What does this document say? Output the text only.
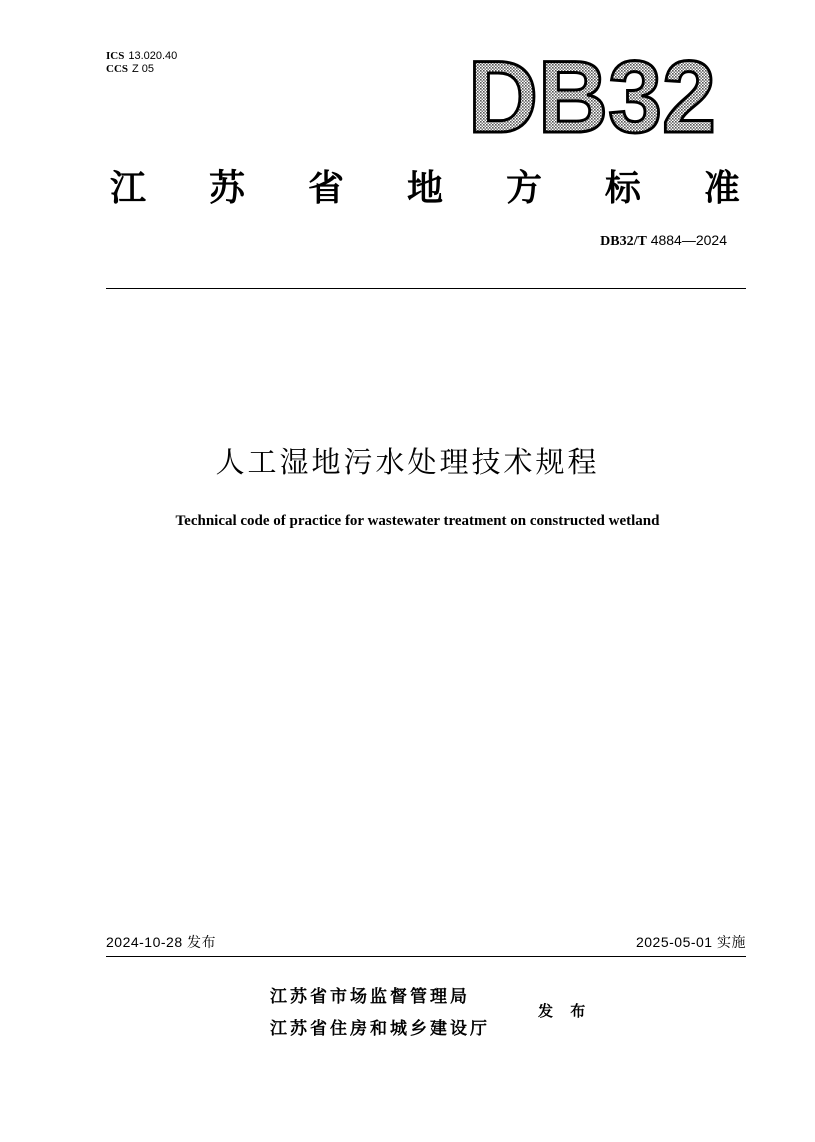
ICS 13.020.40
CCS Z 05	DB32
江 苏 省 地 方 标 准
DB32/T 4884—2024
人工湿地污水处理技术规程
Technical code of practice for wastewater treatment on constructed wetland
2024-10-28 发布	2025-05-01 实施
江苏省市场监督管理局
江苏省住房和城乡建设厅
发 布
